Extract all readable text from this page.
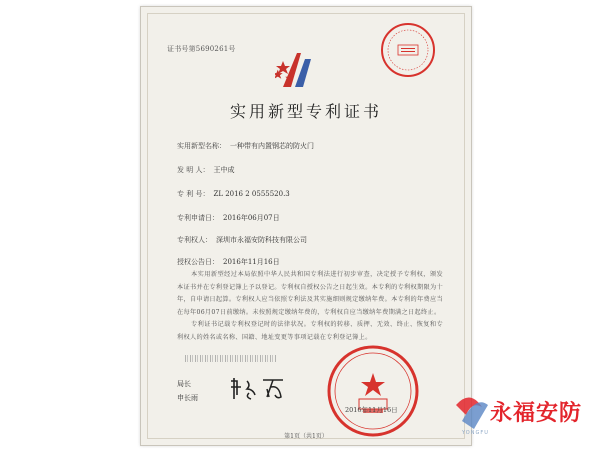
证书号第5690261号
实用新型专利证书
实用新型名称： 一种带有内置钢芯的防火门
发 明 人： 王中成
专 利 号： ZL 2016 2 0555520.3
专利申请日： 2016年06月07日
专利权人： 深圳市永福安防科技有限公司
授权公告日： 2016年11月16日
本实用新型经过本局依照中华人民共和国专利法进行初步审查，决定授予专利权，颁发本证书并在专利登记簿上予以登记。专利权自授权公告之日起生效。本专利的专利权期限为十年，自申请日起算。专利权人应当依照专利法及其实施细则规定缴纳年费。本专利的年费应当在每年06月07日前缴纳。未按照规定缴纳年费的，专利权自应当缴纳年费期满之日起终止。
专利证书记载专利权登记时的法律状况。专利权的转移、质押、无效、终止、恢复和专利权人的姓名或名称、国籍、地址变更等事项记载在专利登记簿上。
局长
申长雨
2016年11月16日
第1页（共1页）
永福安防
YONGFU
